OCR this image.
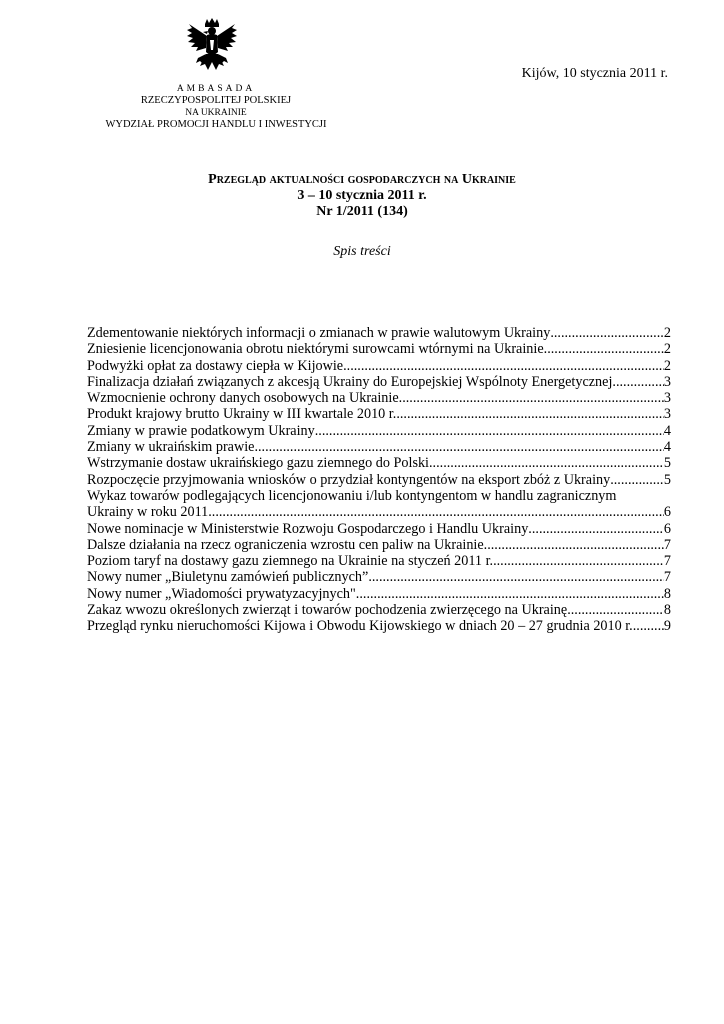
AMBASADA
RZECZYPOSPOLITEJ POLSKIEJ
NA UKRAINIE
WYDZIAŁ PROMOCJI HANDLU I INWESTYCJI
Kijów, 10 stycznia 2011 r.
Przegląd aktualności gospodarczych na Ukrainie
3 – 10 stycznia 2011 r.
Nr 1/2011 (134)
Spis treści
Zdementowanie niektórych informacji o zmianach w prawie walutowym Ukrainy .....	2
Zniesienie licencjonowania obrotu niektórymi surowcami wtórnymi na Ukrainie .....	2
Podwyżki opłat za dostawy ciepła w Kijowie .....	2
Finalizacja działań związanych z akcesją Ukrainy do Europejskiej Wspólnoty Energetycznej .....	3
Wzmocnienie ochrony danych osobowych na Ukrainie .....	3
Produkt krajowy brutto Ukrainy w III kwartale 2010 r. .....	3
Zmiany w prawie podatkowym Ukrainy .....	4
Zmiany w ukraińskim prawie .....	4
Wstrzymanie dostaw ukraińskiego gazu ziemnego do Polski .....	5
Rozpoczęcie przyjmowania wniosków o przydział kontyngentów na eksport zbóż z Ukrainy .....	5
Wykaz towarów podlegających licencjonowaniu i/lub kontyngentom w handlu zagranicznym
Ukrainy w roku 2011 .....	6
Nowe nominacje w Ministerstwie Rozwoju Gospodarczego i Handlu Ukrainy .....	6
Dalsze działania na rzecz ograniczenia wzrostu cen paliw na Ukrainie .....	7
Poziom taryf na dostawy gazu ziemnego na Ukrainie na styczeń 2011 r. .....	7
Nowy numer „Biuletynu zamówień publicznych” .....	7
Nowy numer „Wiadomości prywatyzacyjnych" .....	8
Zakaz wwozu określonych zwierząt i towarów pochodzenia zwierzęcego na Ukrainę .....	8
Przegląd rynku nieruchomości Kijowa i Obwodu Kijowskiego w dniach 20 – 27 grudnia 2010 r. ..... 9
